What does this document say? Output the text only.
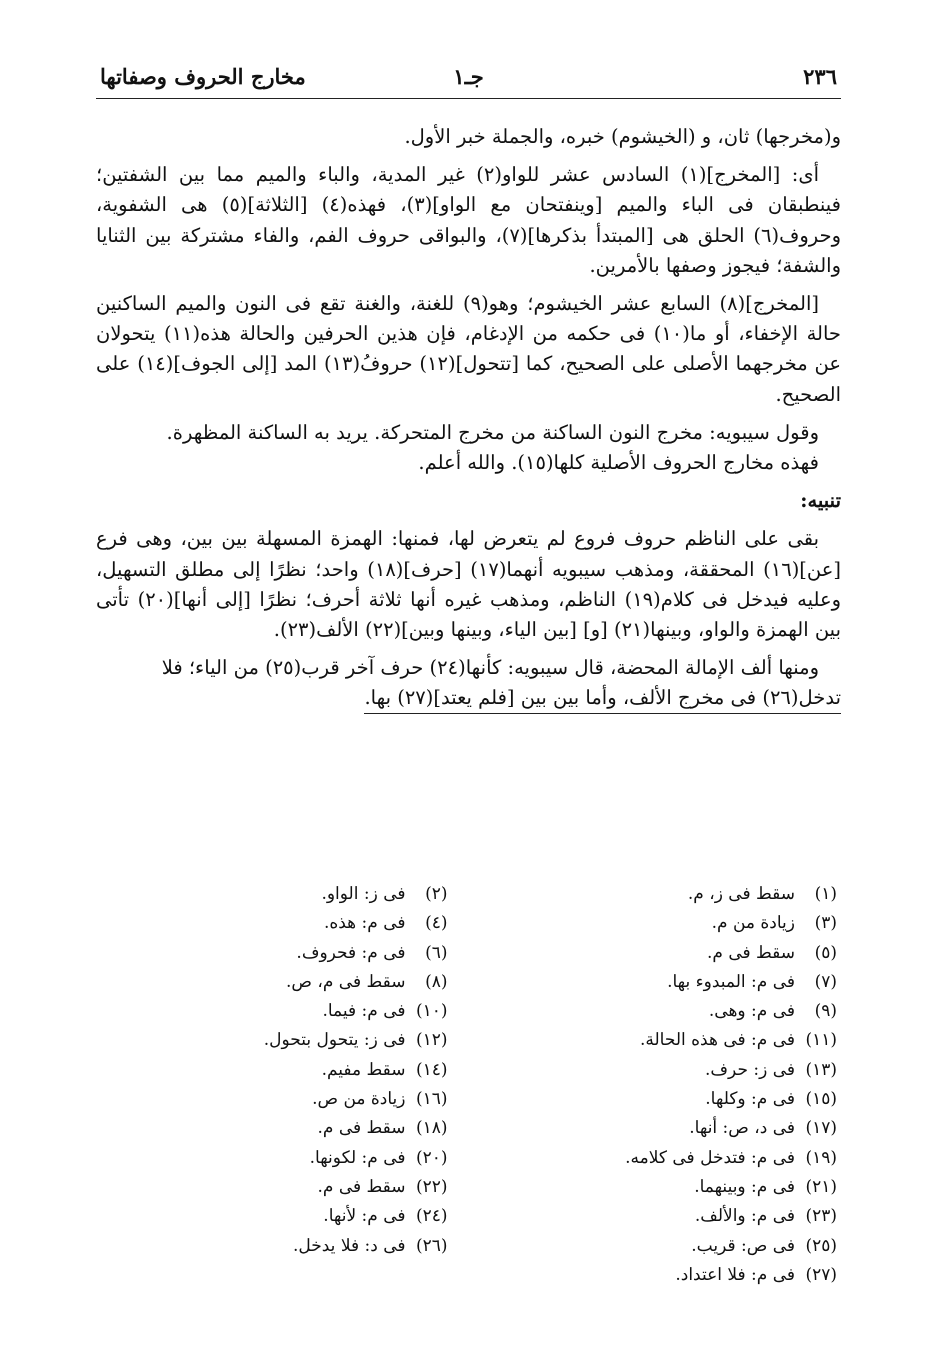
٢٣٦
جـ١
مخارج الحروف وصفاتها

و(مخرجها) ثان، و (الخيشوم) خبره، والجملة خبر الأول.

أى: [المخرج](١) السادس عشر للواو(٢) غير المدية، والباء والميم مما بين الشفتين؛ فينطبقان فى الباء والميم [وينفتحان مع الواو](٣)، فهذه(٤) [الثلاثة](٥) هى الشفوية، وحروف(٦) الحلق هى [المبتدأ بذكرها](٧)، والبواقى حروف الفم، والفاء مشتركة بين الثنايا والشفة؛ فيجوز وصفها بالأمرين.

[المخرج](٨) السابع عشر الخيشوم؛ وهو(٩) للغنة، والغنة تقع فى النون والميم الساكنين حالة الإخفاء، أو ما(١٠) فى حكمه من الإدغام، فإن هذين الحرفين والحالة هذه(١١) يتحولان عن مخرجهما الأصلى على الصحيح، كما [تتحول](١٢) حروفُ(١٣) المد [إلى الجوف](١٤) على الصحيح.

وقول سيبويه: مخرج النون الساكنة من مخرج المتحركة. يريد به الساكنة المظهرة.

فهذه مخارج الحروف الأصلية كلها(١٥). والله أعلم.

تنبيه:

بقى على الناظم حروف فروع لم يتعرض لها، فمنها: الهمزة المسهلة بين بين، وهى فرع [عن](١٦) المحققة، ومذهب سيبويه أنهما(١٧) [حرف](١٨) واحد؛ نظرًا إلى مطلق التسهيل، وعليه فيدخل فى كلام(١٩) الناظم، ومذهب غيره أنها ثلاثة أحرف؛ نظرًا [إلى أنها](٢٠) تأتى بين الهمزة والواو، وبينها(٢١) [و] [بين الياء، وبينها وبين](٢٢) الألف(٢٣).

ومنها ألف الإمالة المحضة، قال سيبويه: كأنها(٢٤) حرف آخر قرب(٢٥) من الياء؛ فلا

تدخل(٢٦) فى مخرج الألف، وأما بين بين [فلم يعتد](٢٧) بها.

(١)سقط فى ز، م.
(٣)زيادة من م.
(٥)سقط فى م.
(٧)فى م: المبدوء بها.
(٩)فى م: وهى.
(١١)فى م: فى هذه الحالة.
(١٣)فى ز: حرف.
(١٥)فى م: وكلها.
(١٧)فى د، ص: أنها.
(١٩)فى م: فتدخل فى كلامه.
(٢١)فى م: وبينهما.
(٢٣)فى م: والألف.
(٢٥)فى ص: قريب.
(٢٧)فى م: فلا اعتداد.
(٢)فى ز: الواو.
(٤)فى م: هذه.
(٦)فى م: فحروف.
(٨)سقط فى م، ص.
(١٠)فى م: فيما.
(١٢)فى ز: يتحول بتحول.
(١٤)سقط مفيم.
(١٦)زيادة من ص.
(١٨)سقط فى م.
(٢٠)فى م: لكونها.
(٢٢)سقط فى م.
(٢٤)فى م: لأنها.
(٢٦)فى د: فلا يدخل.
